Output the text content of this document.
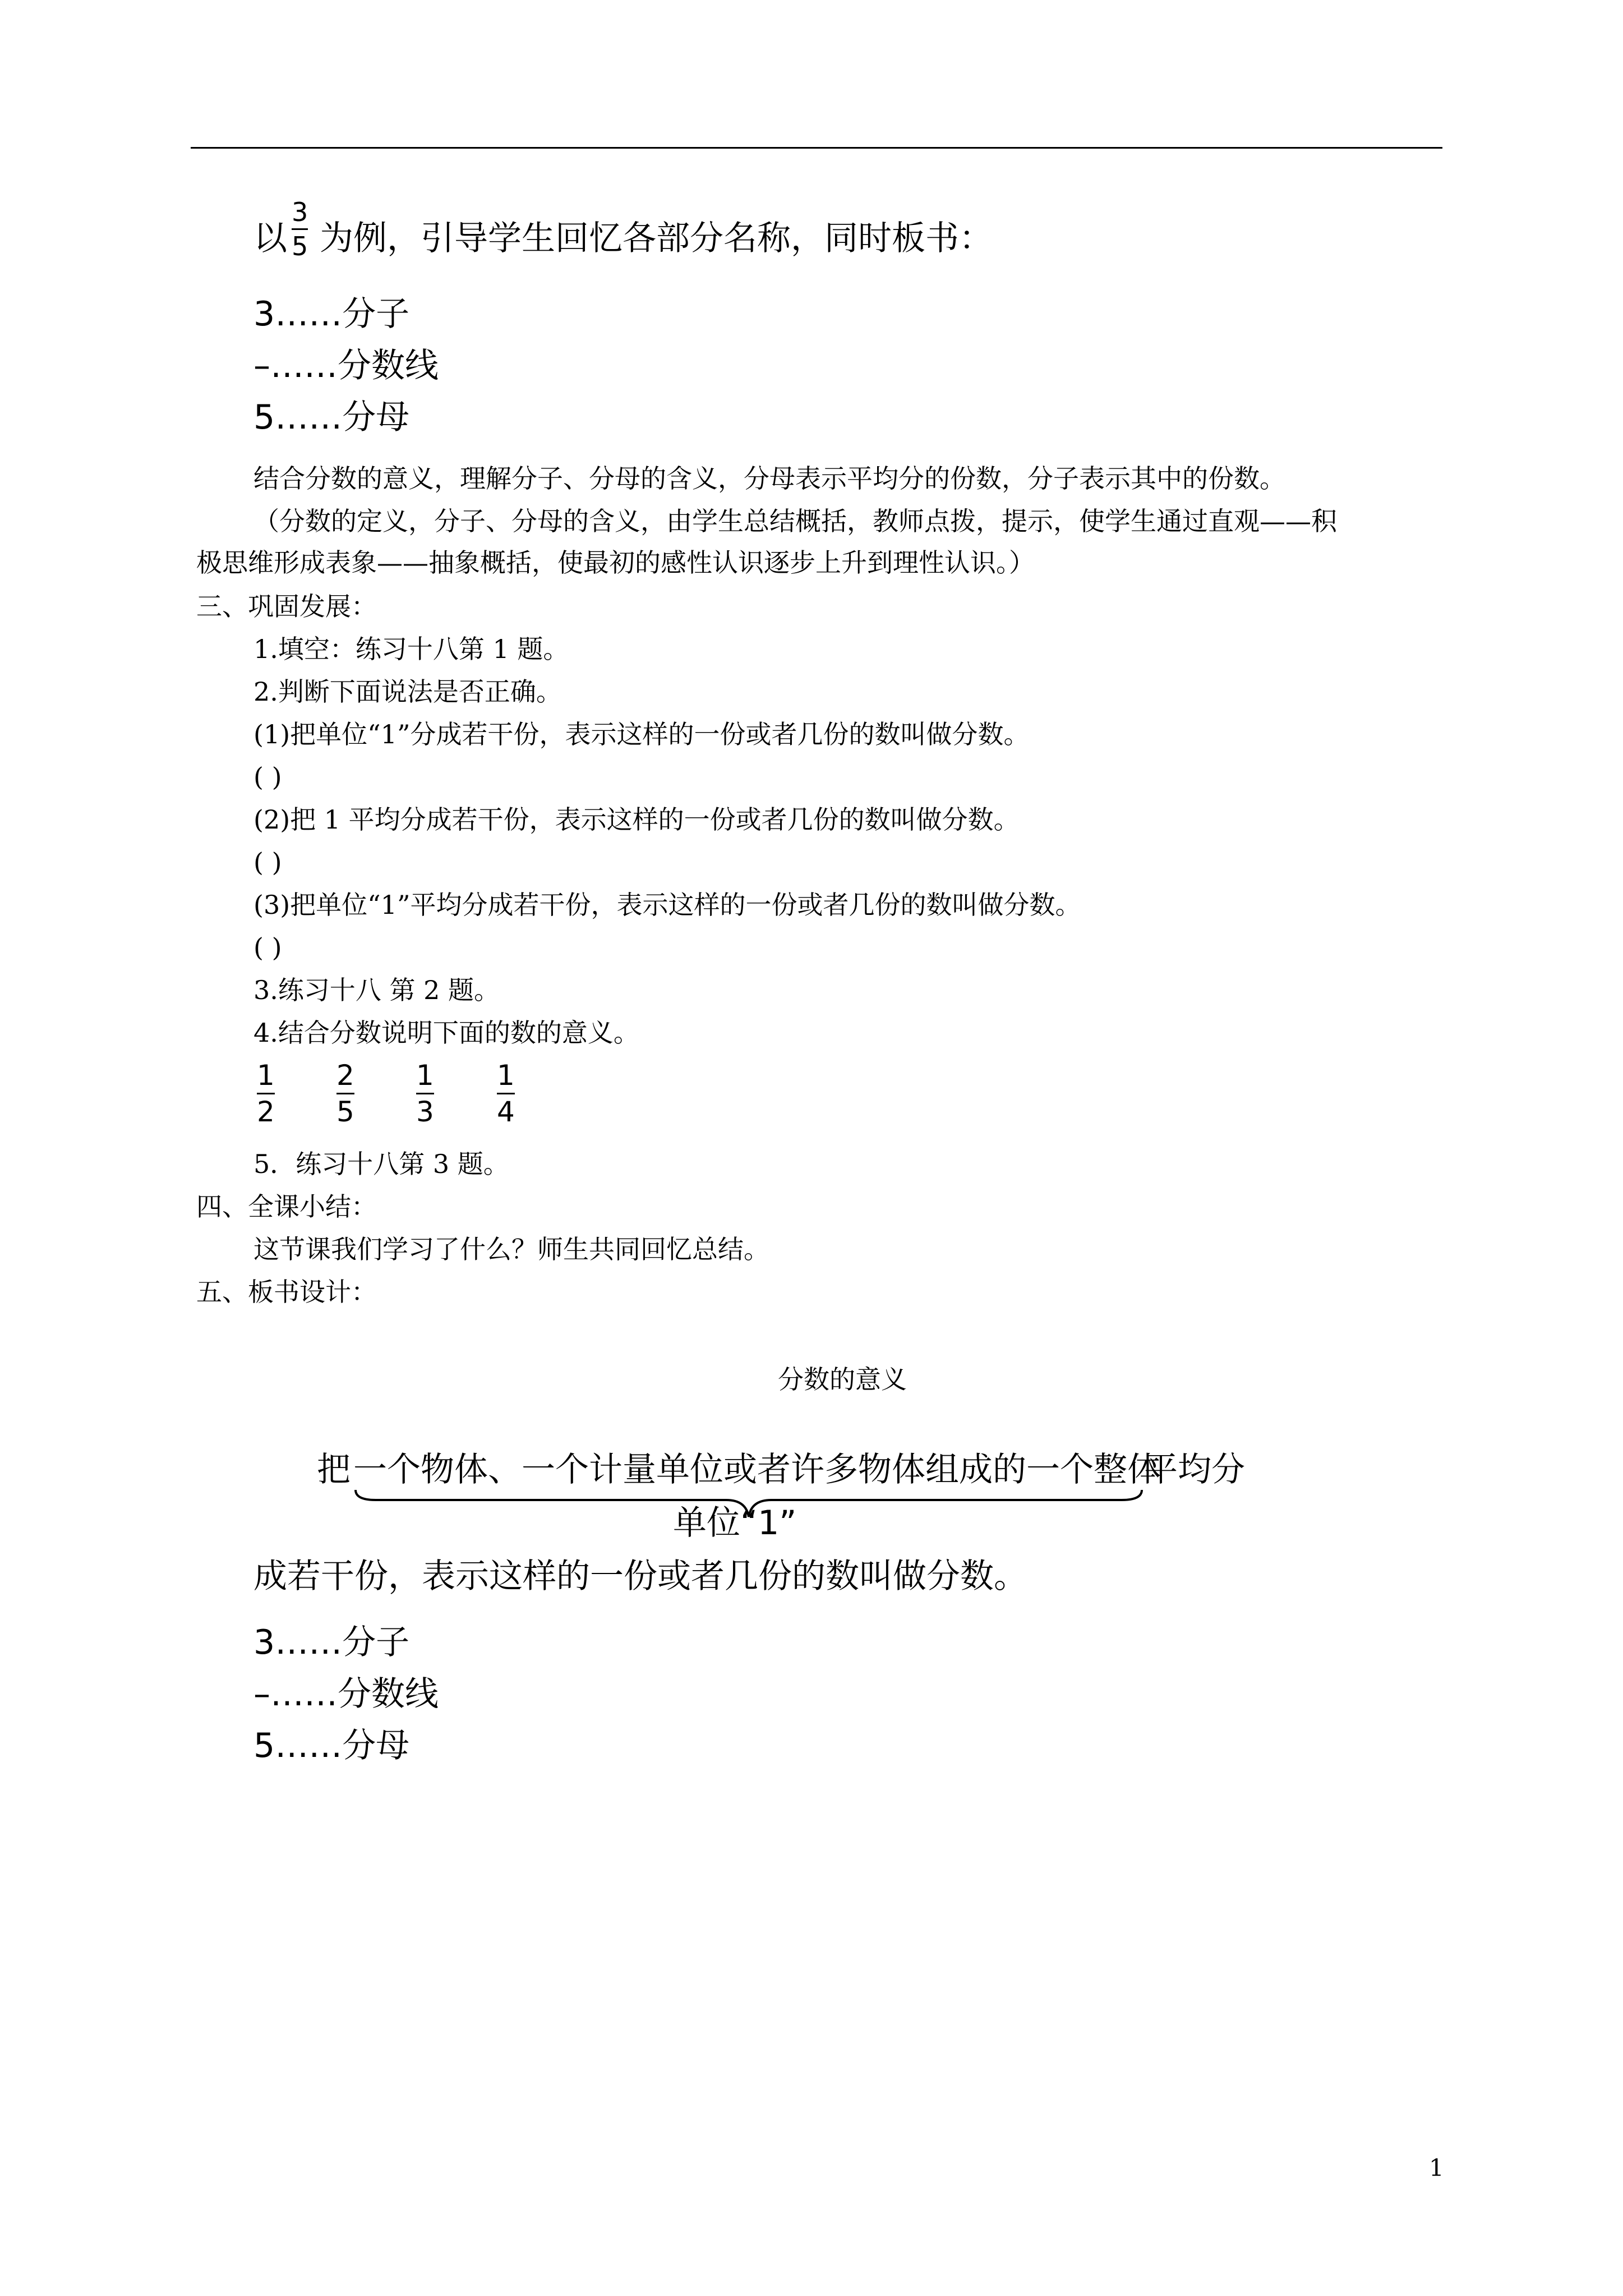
以
3
5 为例，引导学生回忆各部分名称，同时板书：
3……分子
–……分数线
5……分母
结合分数的意义，理解分子、分母的含义，分母表示平均分的份数，分子表示其中的份数。
（分数的定义，分子、分母的含义，由学生总结概括，教师点拨，提示，使学生通过直观——积
极思维形成表象——抽象概括，使最初的感性认识逐步上升到理性认识。）
三、巩固发展：
1.填空：练习十八第 1 题。
2.判断下面说法是否正确。
(1)把单位“1”分成若干份，表示这样的一份或者几份的数叫做分数。
( )
(2)把 1 平均分成若干份，表示这样的一份或者几份的数叫做分数。
( )
(3)把单位“1”平均分成若干份，表示这样的一份或者几份的数叫做分数。
( )
3.练习十八 第 2 题。
4.结合分数说明下面的数的意义。
1
2
2
5
1
3
1
4
5．练习十八第 3 题。
四、全课小结：
这节课我们学习了什么？师生共同回忆总结。
五、板书设计：
分数的意义
把 一个物体、一个计量单位或者许多物体组成的一个整体
平均分
单位“1”
成若干份，表示这样的一份或者几份的数叫做分数。
3……分子
–……分数线
5……分母
1
